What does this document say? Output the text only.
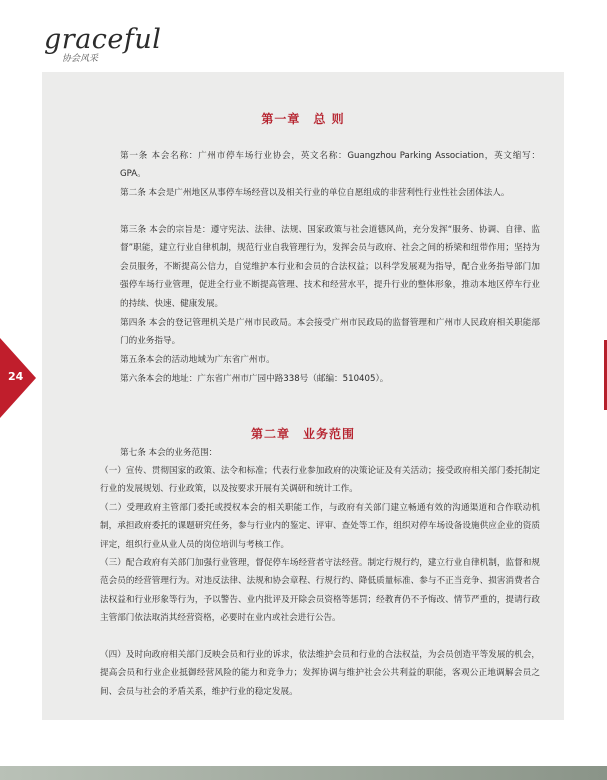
graceful
协会风采
第一章　总 则

第一条 本会名称：广州市停车场行业协会，英文名称：Guangzhou Parking Association，英文缩写：GPA。

第二条 本会是广州地区从事停车场经营以及相关行业的单位自愿组成的非营利性行业性社会团体法人。

第三条 本会的宗旨是：遵守宪法、法律、法规、国家政策与社会道德风尚，充分发挥“服务、协调、自律、监督”职能，建立行业自律机制，规范行业自我管理行为，发挥会员与政府、社会之间的桥梁和纽带作用；坚持为会员服务，不断提高公信力，自觉维护本行业和会员的合法权益；以科学发展观为指导，配合业务指导部门加强停车场行业管理，促进全行业不断提高管理、技术和经营水平，提升行业的整体形象，推动本地区停车行业的持续、快速、健康发展。

第四条 本会的登记管理机关是广州市民政局。本会接受广州市民政局的监督管理和广州市人民政府相关职能部门的业务指导。

第五条本会的活动地域为广东省广州市。

第六条本会的地址：广东省广州市广园中路338号（邮编：510405）。

第二章　业务范围

第七条 本会的业务范围：

（一）宣传、贯彻国家的政策、法令和标准；代表行业参加政府的决策论证及有关活动；接受政府相关部门委托制定行业的发展规划、行业政策，以及按要求开展有关调研和统计工作。

（二）受理政府主管部门委托或授权本会的相关职能工作，与政府有关部门建立畅通有效的沟通渠道和合作联动机制，承担政府委托的课题研究任务，参与行业内的鉴定、评审、查处等工作，组织对停车场设备设施供应企业的资质评定，组织行业从业人员的岗位培训与考核工作。

（三）配合政府有关部门加强行业管理，督促停车场经营者守法经营。制定行规行约，建立行业自律机制，监督和规范会员的经营管理行为。对违反法律、法规和协会章程、行规行约、降低质量标准、参与不正当竞争、损害消费者合法权益和行业形象等行为，予以警告、业内批评及开除会员资格等惩罚；经教育仍不予悔改、情节严重的，提请行政主管部门依法取消其经营资格，必要时在业内或社会进行公告。

（四）及时向政府相关部门反映会员和行业的诉求，依法维护会员和行业的合法权益，为会员创造平等发展的机会，提高会员和行业企业抵御经营风险的能力和竞争力；发挥协调与维护社会公共利益的职能，客观公正地调解会员之间、会员与社会的矛盾关系，维护行业的稳定发展。

24
